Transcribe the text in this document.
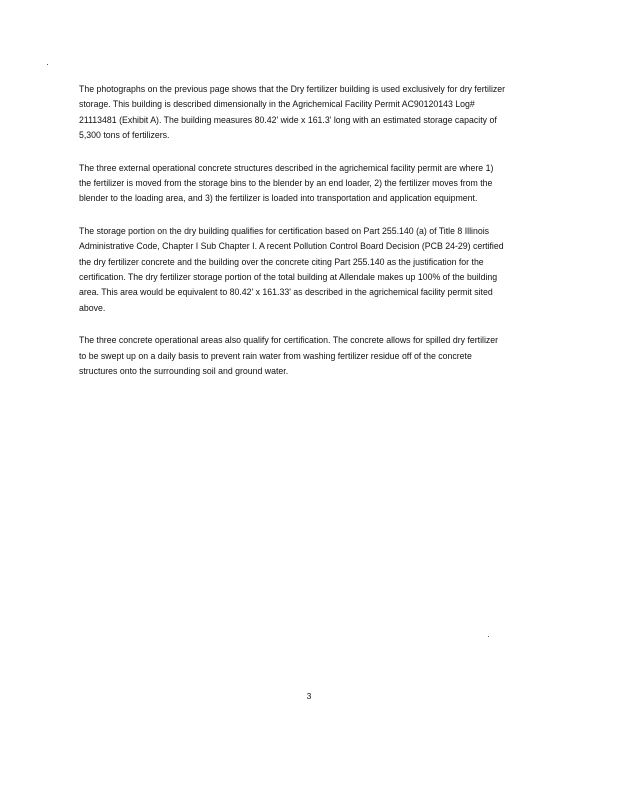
The photographs on the previous page shows that the Dry fertilizer building is used exclusively for dry fertilizer
storage. This building is described dimensionally in the Agrichemical Facility Permit AC90120143 Log#
21113481 (Exhibit A). The building measures 80.42' wide x 161.3' long with an estimated storage capacity of
5,300 tons of fertilizers.

The three external operational concrete structures described in the agrichemical facility permit are where 1)
the fertilizer is moved from the storage bins to the blender by an end loader, 2) the fertilizer moves from the
blender to the loading area, and 3) the fertilizer is loaded into transportation and application equipment.

The storage portion on the dry building qualifies for certification based on Part 255.140 (a) of Title 8 Illinois
Administrative Code, Chapter I Sub Chapter I. A recent Pollution Control Board Decision (PCB 24-29) certified
the dry fertilizer concrete and the building over the concrete citing Part 255.140 as the justification for the
certification. The dry fertilizer storage portion of the total building at Allendale makes up 100% of the building
area. This area would be equivalent to 80.42' x 161.33' as described in the agrichemical facility permit sited
above.

The three concrete operational areas also qualify for certification. The concrete allows for spilled dry fertilizer
to be swept up on a daily basis to prevent rain water from washing fertilizer residue off of the concrete
structures onto the surrounding soil and ground water.

3
